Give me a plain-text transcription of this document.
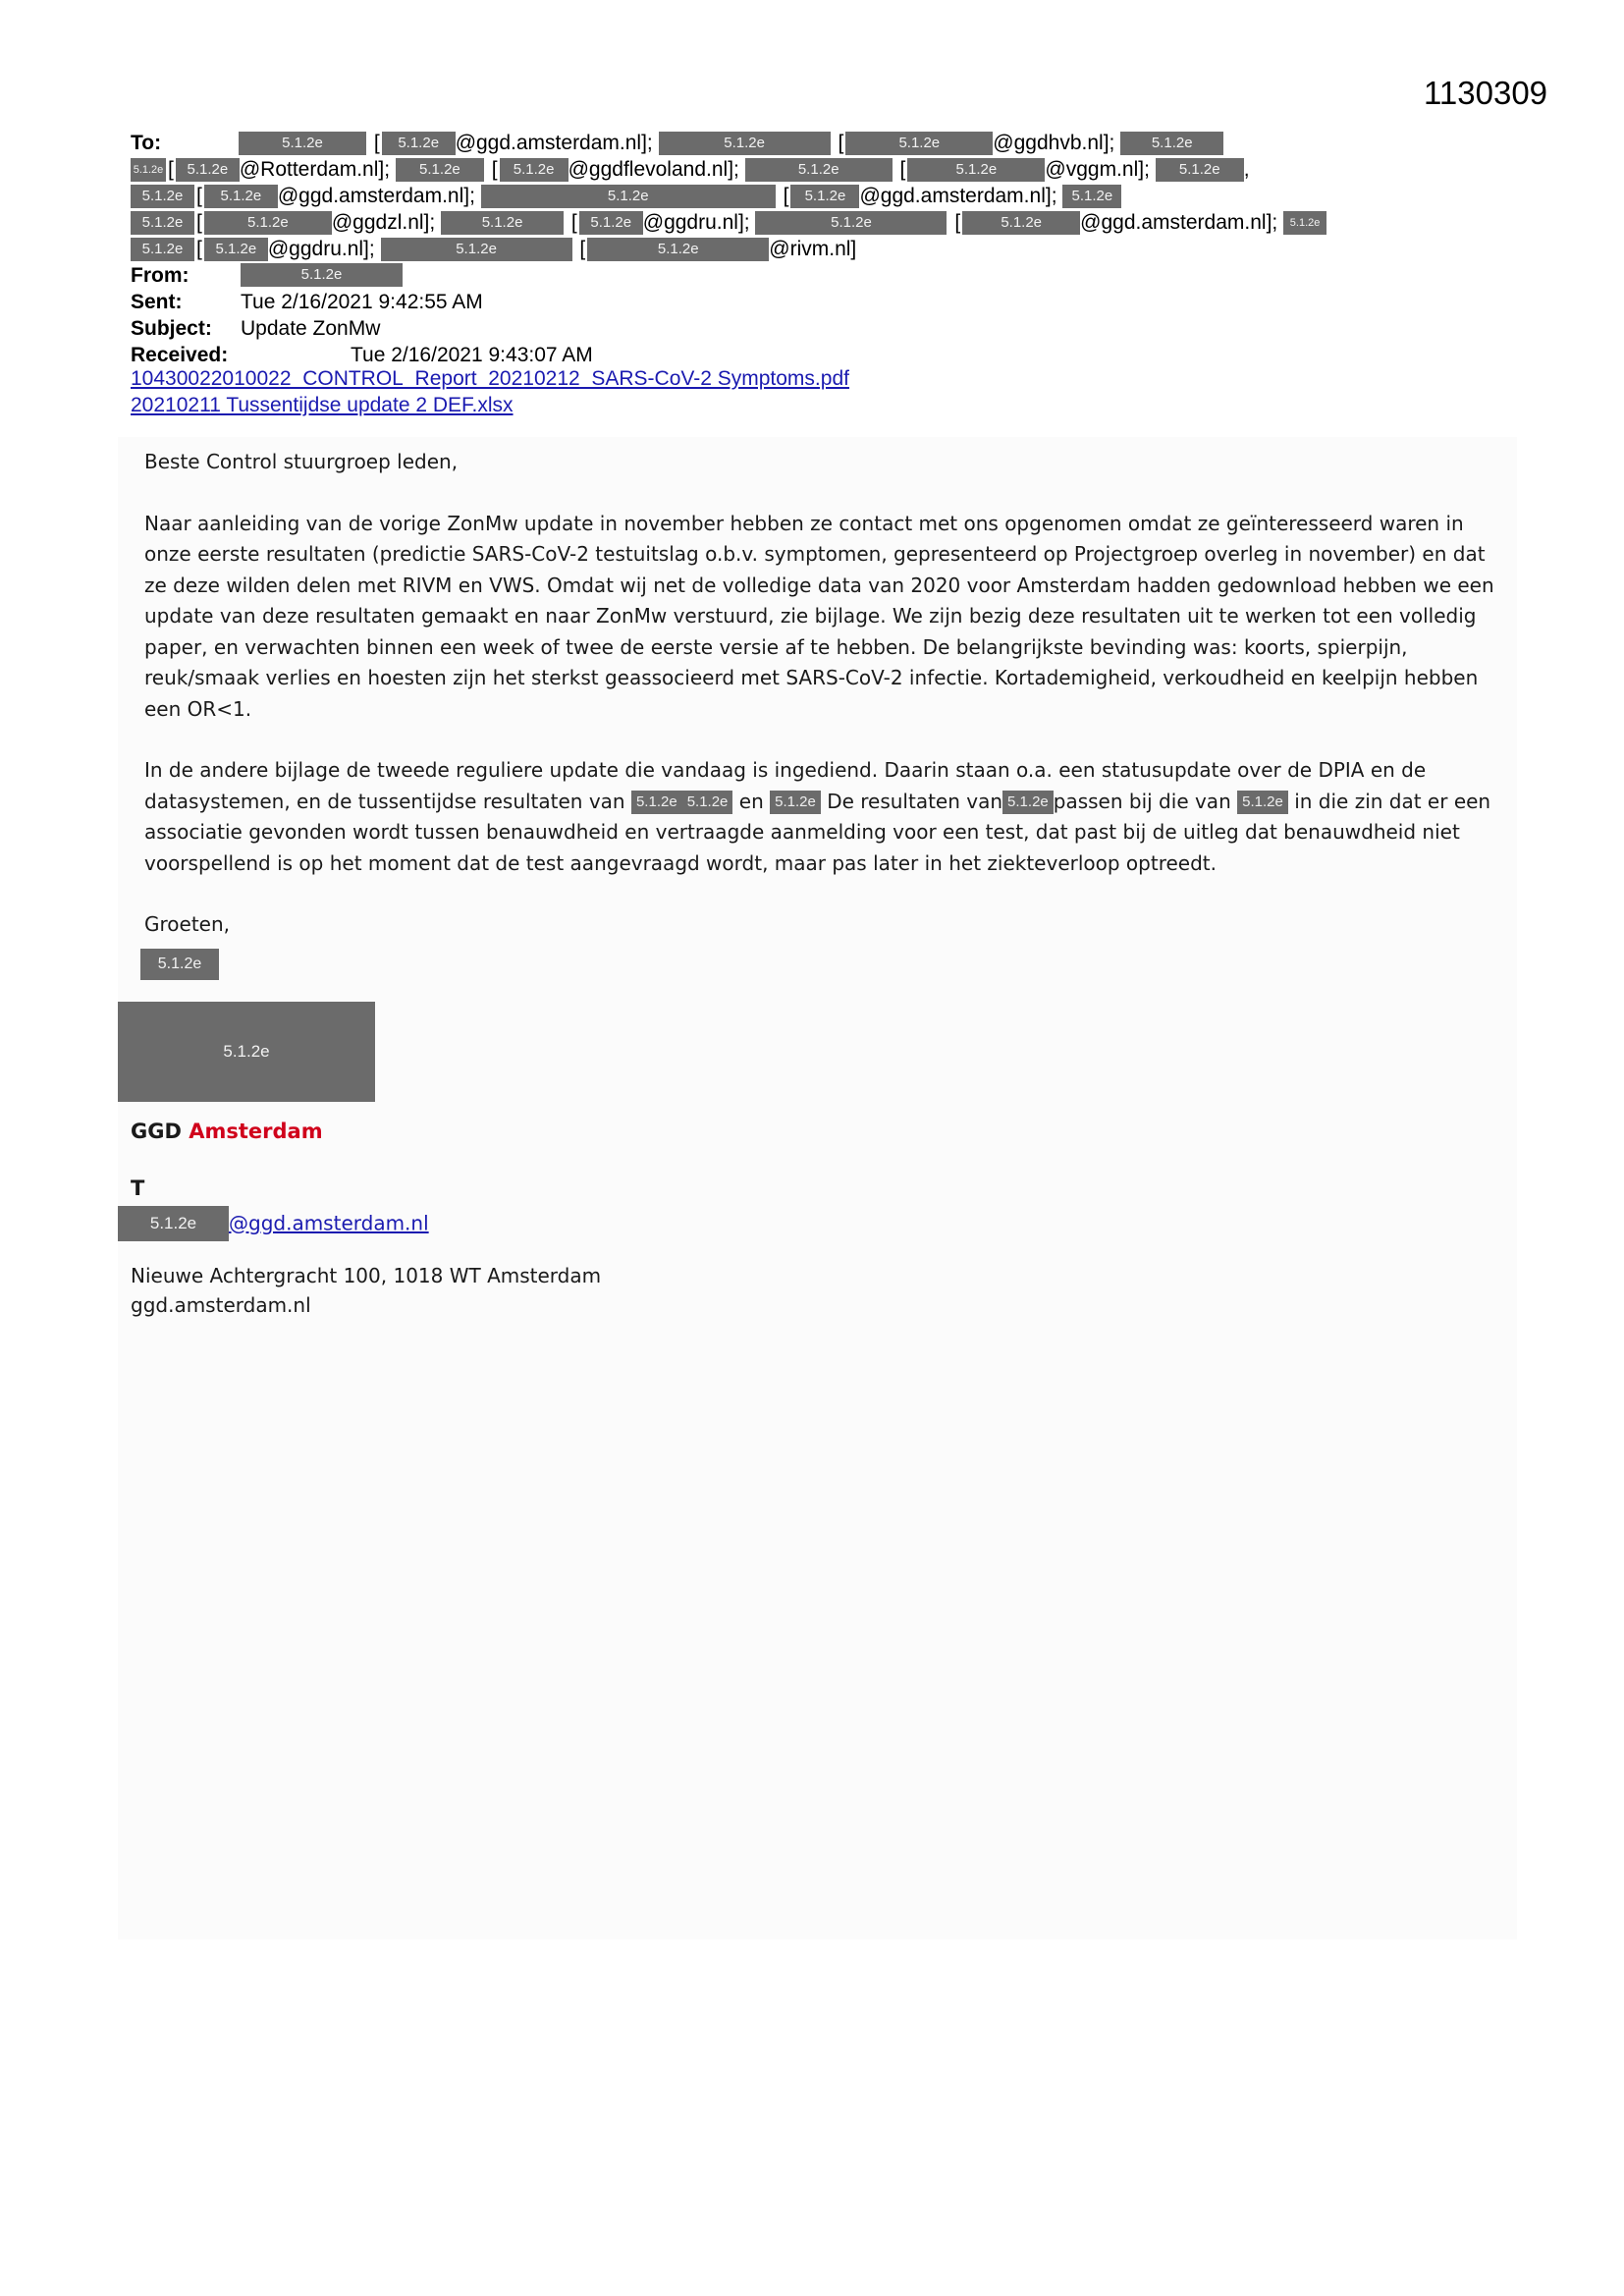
1130309
To:	5.1.2e [ 5.1.2e @ggd.amsterdam.nl];	5.1.2e	[	5.1.2e	@ggdhvb.nl]; 5.1.2e
5.1.2e [ 5.1.2e @Rotterdam.nl]; 5.1.2e [ 5.1.2e @ggdflevoland.nl];	5.1.2e	[	5.1.2e @vggm.nl]; 5.1.2e ,
5.1.2e [ 5.1.2e @ggd.amsterdam.nl];	5.1.2e	[ 5.1.2e @ggd.amsterdam.nl]; 5.1.2e
5.1.2e [	5.1.2e @ggdzl.nl];	5.1.2e [ 5.1.2e @ggdru.nl];	5.1.2e	[	5.1.2e @ggd.amsterdam.nl]; 5.1.2e
5.1.2e [ 5.1.2e @ggdru.nl];	5.1.2e	[	5.1.2e	@rivm.nl]
From:	5.1.2e
Sent:	Tue 2/16/2021 9:42:55 AM
Subject: Update ZonMw
Received:	Tue 2/16/2021 9:43:07 AM
10430022010022_CONTROL_Report_20210212_SARS-CoV-2 Symptoms.pdf
20210211 Tussentijdse update 2 DEF.xlsx

Beste Control stuurgroep leden,

Naar aanleiding van de vorige ZonMw update in november hebben ze contact met ons opgenomen omdat ze geïnteresseerd waren in onze eerste resultaten (predictie SARS-CoV-2 testuitslag o.b.v. symptomen, gepresenteerd op Projectgroep overleg in november) en dat ze deze wilden delen met RIVM en VWS. Omdat wij net de volledige data van 2020 voor Amsterdam hadden gedownload hebben we een update van deze resultaten gemaakt en naar ZonMw verstuurd, zie bijlage. We zijn bezig deze resultaten uit te werken tot een volledig paper, en verwachten binnen een week of twee de eerste versie af te hebben. De belangrijkste bevinding was: koorts, spierpijn, reuk/smaak verlies en hoesten zijn het sterkst geassocieerd met SARS-CoV-2 infectie. Kortademigheid, verkoudheid en keelpijn hebben een OR<1.

In de andere bijlage de tweede reguliere update die vandaag is ingediend. Daarin staan o.a. een statusupdate over de DPIA en de datasystemen, en de tussentijdse resultaten van 5.1.2e 5.1.2e en 5.1.2e De resultaten van 5.1.2e passen bij die van 5.1.2e in die zin dat er een associatie gevonden wordt tussen benauwdheid en vertraagde aanmelding voor een test, dat past bij de uitleg dat benauwdheid niet voorspellend is op het moment dat de test aangevraagd wordt, maar pas later in het ziekteverloop optreedt.

Groeten,

5.1.2e
5.1.2e
GGD Amsterdam
T
5.1.2e @ggd.amsterdam.nl
Nieuwe Achtergracht 100, 1018 WT Amsterdam
ggd.amsterdam.nl
